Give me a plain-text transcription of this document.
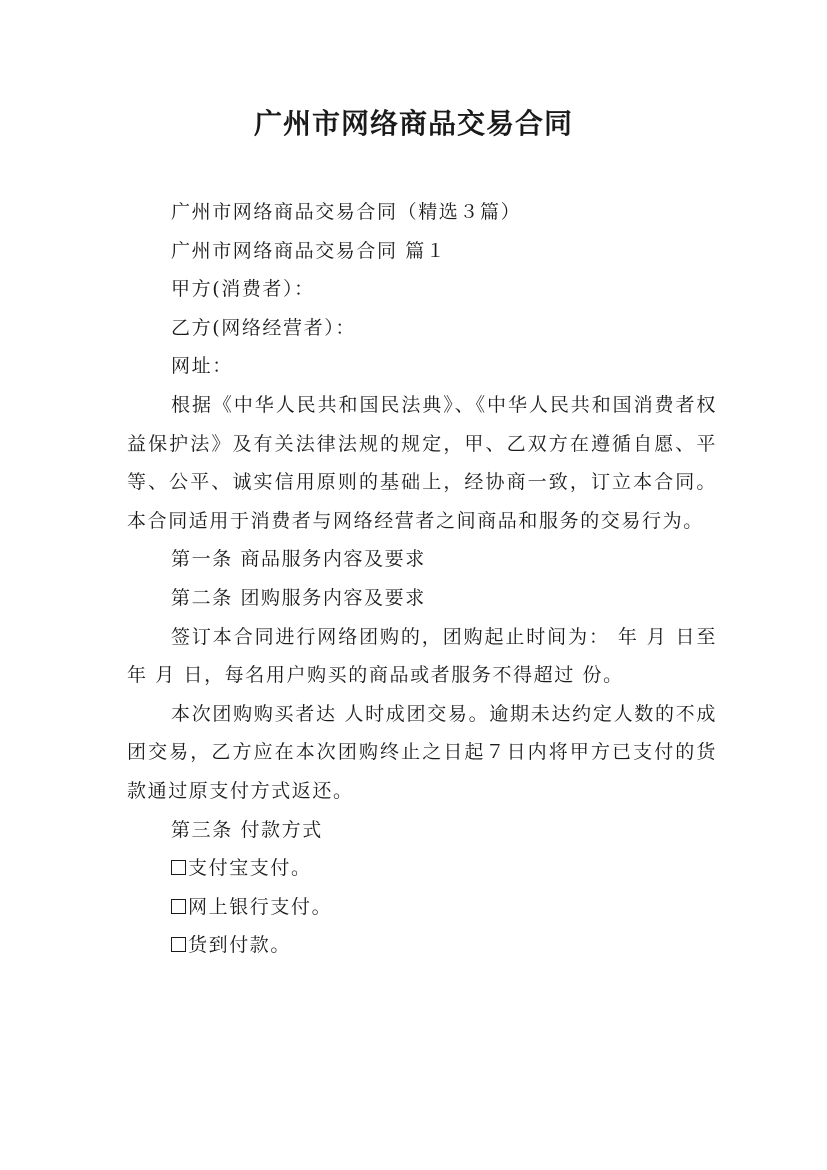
广州市网络商品交易合同
广州市网络商品交易合同（精选３篇）
广州市网络商品交易合同 篇１
甲方(消费者）：
乙方(网络经营者）：
网址：
根据《中华人民共和国民法典》、《中华人民共和国消费者权益保护法》及有关法律法规的规定，甲、乙双方在遵循自愿、平等、公平、诚实信用原则的基础上，经协商一致，订立本合同。本合同适用于消费者与网络经营者之间商品和服务的交易行为。
第一条 商品服务内容及要求
第二条 团购服务内容及要求
签订本合同进行网络团购的，团购起止时间为： 年 月 日至 年 月 日，每名用户购买的商品或者服务不得超过 份。
本次团购购买者达 人时成团交易。逾期未达约定人数的不成团交易，乙方应在本次团购终止之日起７日内将甲方已支付的货款通过原支付方式返还。
第三条 付款方式
支付宝支付。
网上银行支付。
货到付款。
